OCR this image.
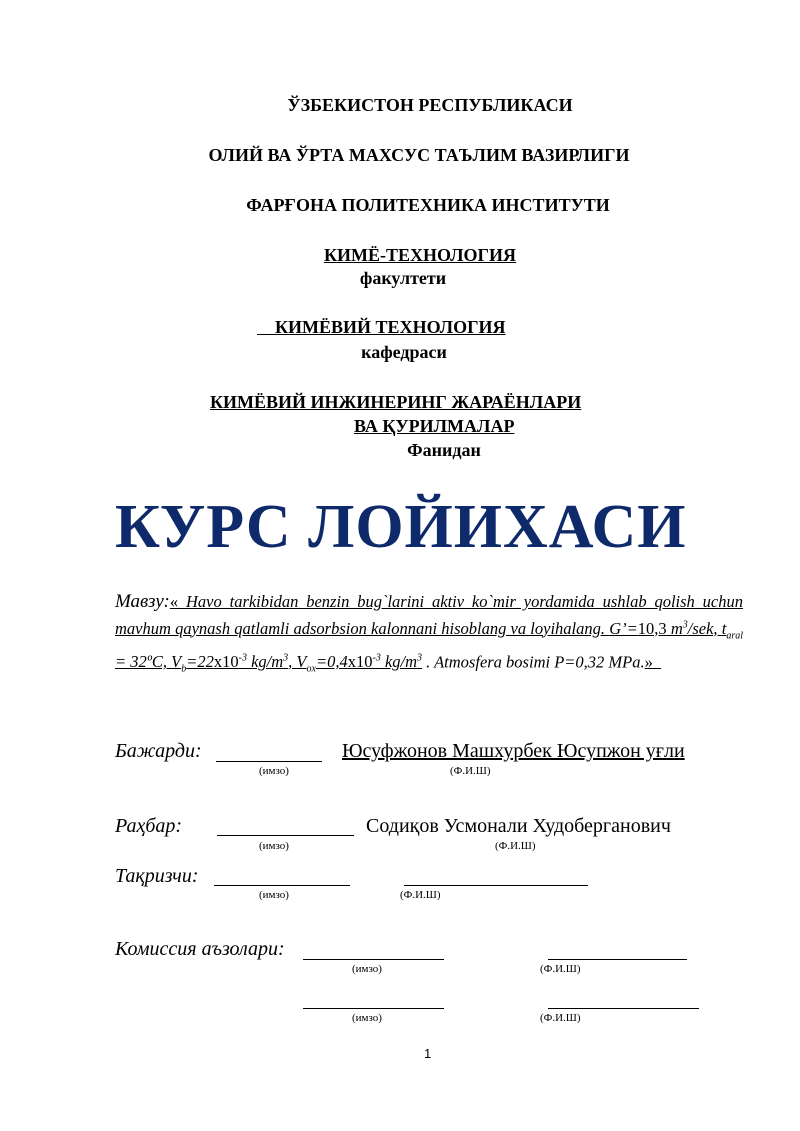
ЎЗБЕКИСТОН РЕСПУБЛИКАСИ
ОЛИЙ ВА ЎРТА МАХСУС ТАЪЛИМ ВАЗИРЛИГИ
ФАРҒОНА ПОЛИТЕХНИКА ИНСТИТУТИ
КИМЁ-ТЕХНОЛОГИЯ
факултети
КИМЁВИЙ ТЕХНОЛОГИЯ
кафедраси
КИМЁВИЙ ИНЖИНЕРИНГ ЖАРАЁНЛАРИ
ВА ҚУРИЛМАЛАР
Фанидан
КУРС ЛОЙИХАСИ
Мавзу:« Havo tarkibidan benzin bug`larini aktiv ko`mir yordamida ushlab qolish uchun mavhum qaynash qatlamli adsorbsion kalonnani hisoblang va loyihalang. G’=10,3 $m^3$/sek, $t_{aral}$ = 32ºC, $V_b=22x10^{-3}$ $kg/m^3$, $V_{ox}=0,4x10^{-3}$ $kg/m^3$ . Atmosfera bosimi P=0,32 MPa.»
Бажарди:	Юсуфжонов Машхурбек Юсупжон уғли
(имзо)	(Ф.И.Ш)
Раҳбар:	Содиқов Усмонали Худоберганович
(имзо)	(Ф.И.Ш)
Тақризчи:
(имзо)	(Ф.И.Ш)
Комиссия аъзолари:
(имзо)	(Ф.И.Ш)
(имзо)	(Ф.И.Ш)
1
